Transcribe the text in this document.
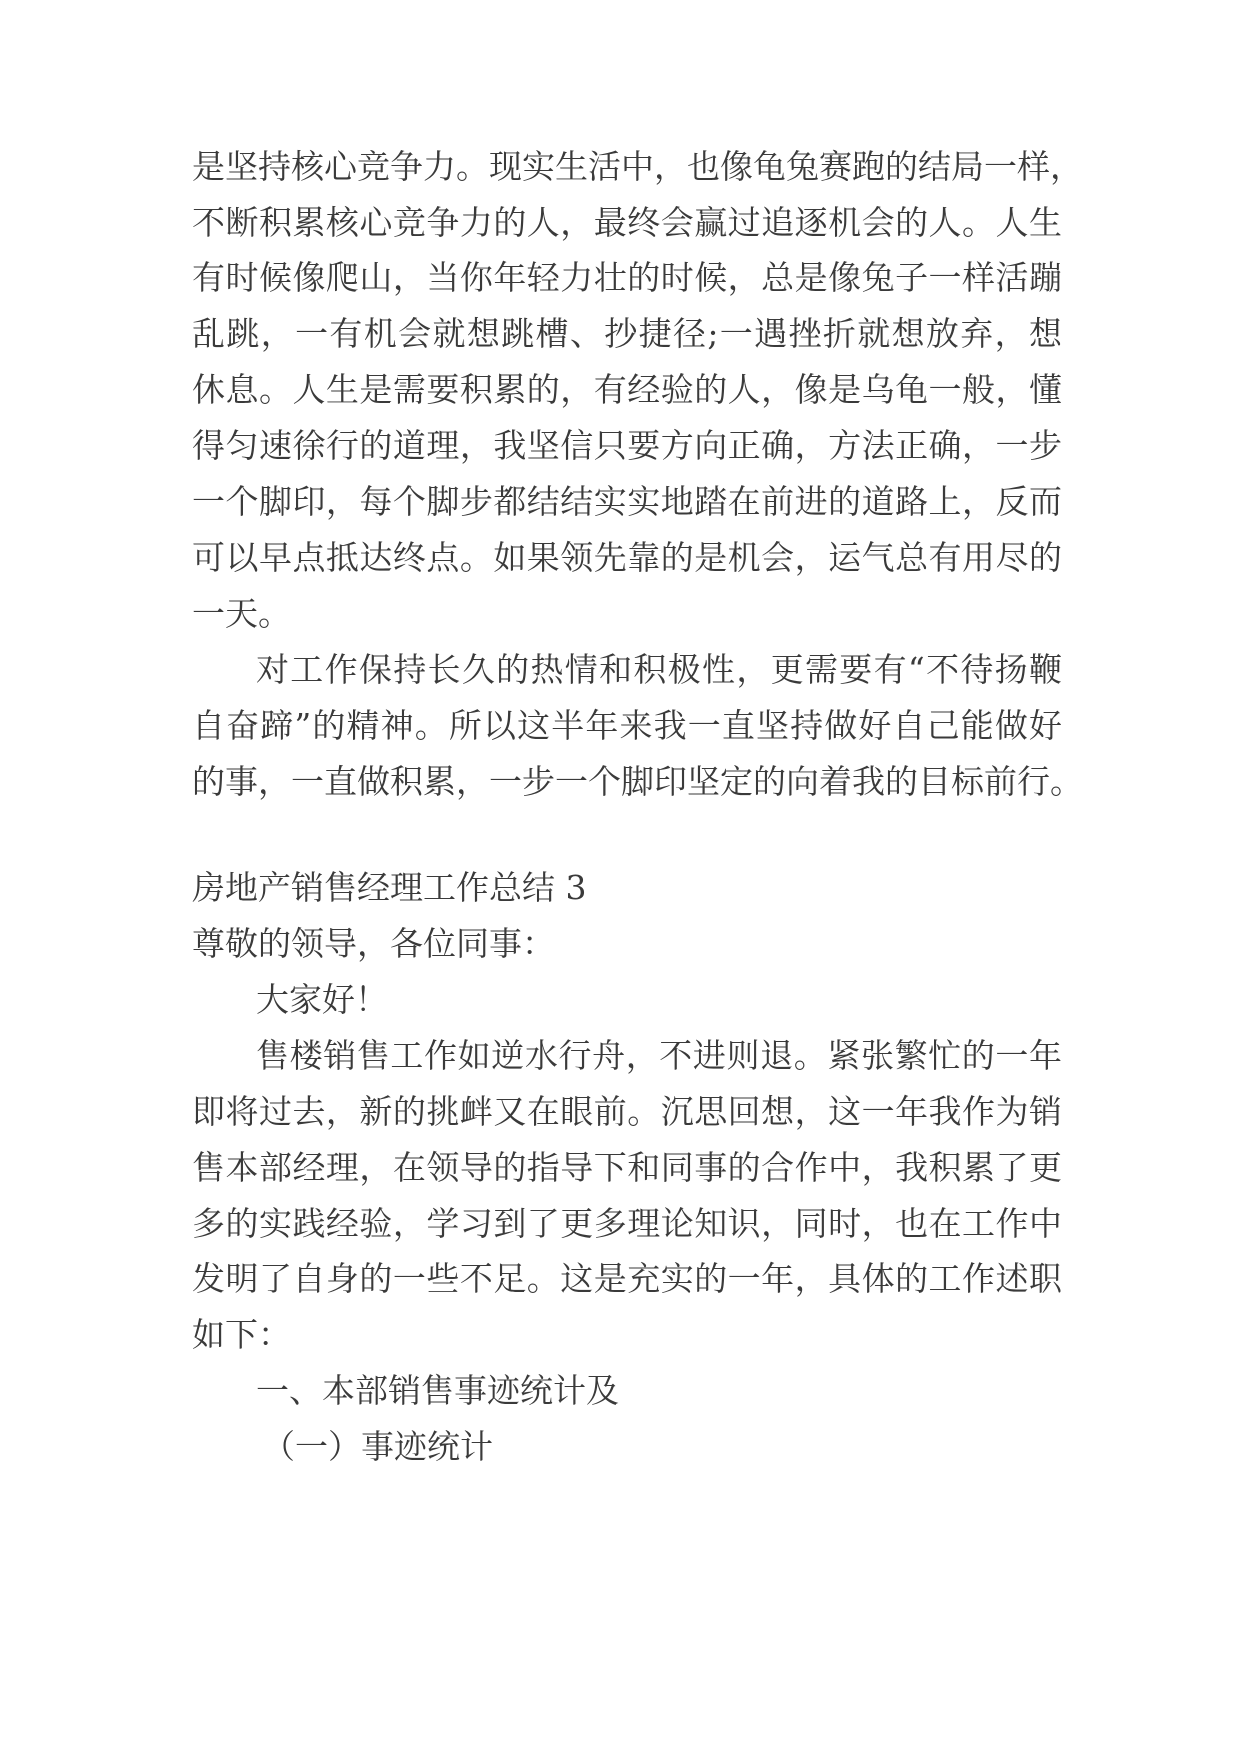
是坚持核心竞争力。现实生活中，也像龟兔赛跑的结局一样，

不断积累核心竞争力的人，最终会赢过追逐机会的人。人生

有时候像爬山，当你年轻力壮的时候，总是像兔子一样活蹦

乱跳，一有机会就想跳槽、抄捷径;一遇挫折就想放弃，想

休息。人生是需要积累的，有经验的人，像是乌龟一般，懂

得匀速徐行的道理，我坚信只要方向正确，方法正确，一步

一个脚印，每个脚步都结结实实地踏在前进的道路上，反而

可以早点抵达终点。如果领先靠的是机会，运气总有用尽的

一天。

对工作保持长久的热情和积极性，更需要有“不待扬鞭

自奋蹄”的精神。所以这半年来我一直坚持做好自己能做好

的事，一直做积累，一步一个脚印坚定的向着我的目标前行。

房地产销售经理工作总结 3

尊敬的领导，各位同事：

大家好！

售楼销售工作如逆水行舟，不进则退。紧张繁忙的一年

即将过去，新的挑衅又在眼前。沉思回想，这一年我作为销

售本部经理，在领导的指导下和同事的合作中，我积累了更

多的实践经验，学习到了更多理论知识，同时，也在工作中

发明了自身的一些不足。这是充实的一年，具体的工作述职

如下：

一、本部销售事迹统计及

（一）事迹统计
